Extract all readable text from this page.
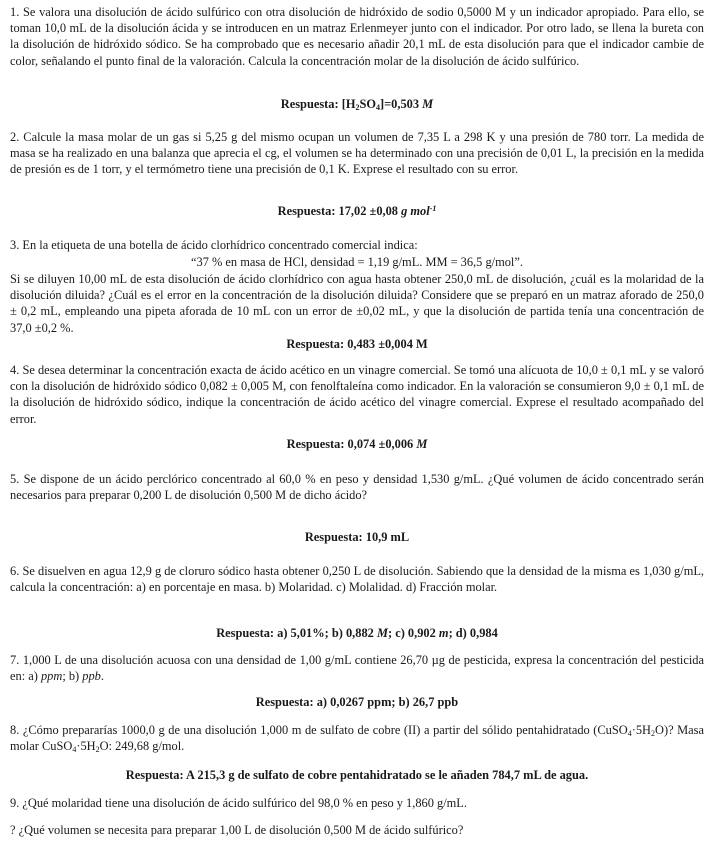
1. Se valora una disolución de ácido sulfúrico con otra disolución de hidróxido de sodio 0,5000 M y un indicador apropiado. Para ello, se toman 10,0 mL de la disolución ácida y se introducen en un matraz Erlenmeyer junto con el indicador. Por otro lado, se llena la bureta con la disolución de hidróxido sódico. Se ha comprobado que es necesario añadir 20,1 mL de esta disolución para que el indicador cambie de color, señalando el punto final de la valoración. Calcula la concentración molar de la disolución de ácido sulfúrico.

Respuesta: $[H_2SO_4]=0,503$ M

2. Calcule la masa molar de un gas si 5,25 g del mismo ocupan un volumen de 7,35 L a 298 K y una presión de 780 torr. La medida de masa se ha realizado en una balanza que aprecia el cg, el volumen se ha determinado con una precisión de 0,01 L, la precisión en la medida de presión es de 1 torr, y el termómetro tiene una precisión de 0,1 K. Exprese el resultado con su error.

Respuesta: 17,02 ±0,08 g mol$^{-1}$

3. En la etiqueta de una botella de ácido clorhídrico concentrado comercial indica:

“37 % en masa de HCl, densidad = 1,19 g/mL. MM = 36,5 g/mol”.

Si se diluyen 10,00 mL de esta disolución de ácido clorhídrico con agua hasta obtener 250,0 mL de disolución, ¿cuál es la molaridad de la disolución diluida? ¿Cuál es el error en la concentración de la disolución diluida? Considere que se preparó en un matraz aforado de 250,0 ± 0,2 mL, empleando una pipeta aforada de 10 mL con un error de ±0,02 mL, y que la disolución de partida tenía una concentración de 37,0 ±0,2 %.

Respuesta: 0,483 ±0,004 M

4. Se desea determinar la concentración exacta de ácido acético en un vinagre comercial. Se tomó una alícuota de 10,0 ± 0,1 mL y se valoró con la disolución de hidróxido sódico 0,082 ± 0,005 M, con fenolftaleína como indicador. En la valoración se consumieron 9,0 ± 0,1 mL de la disolución de hidróxido sódico, indique la concentración de ácido acético del vinagre comercial. Exprese el resultado acompañado del error.

Respuesta: 0,074 ±0,006 M

5. Se dispone de un ácido perclórico concentrado al 60,0 % en peso y densidad 1,530 g/mL. ¿Qué volumen de ácido concentrado serán necesarios para preparar 0,200 L de disolución 0,500 M de dicho ácido?

Respuesta: 10,9 mL

6. Se disuelven en agua 12,9 g de cloruro sódico hasta obtener 0,250 L de disolución. Sabiendo que la densidad de la misma es 1,030 g/mL, calcula la concentración: a) en porcentaje en masa. b) Molaridad. c) Molalidad. d) Fracción molar.

Respuesta: a) 5,01%; b) 0,882 M; c) 0,902 m; d) 0,984

7. 1,000 L de una disolución acuosa con una densidad de 1,00 g/mL contiene 26,70 µg de pesticida, expresa la concentración del pesticida en: a) ppm; b) ppb.

Respuesta: a) 0,0267 ppm; b) 26,7 ppb

8. ¿Cómo prepararías 1000,0 g de una disolución 1,000 m de sulfato de cobre (II) a partir del sólido pentahidratado $(CuSO_4\cdot 5H_2O)$? Masa molar $CuSO_4\cdot 5H_2O$: 249,68 g/mol.

Respuesta: A 215,3 g de sulfato de cobre pentahidratado se le añaden 784,7 mL de agua.

9. ¿Qué molaridad tiene una disolución de ácido sulfúrico del 98,0 % en peso y 1,860 g/mL.

? ¿Qué volumen se necesita para preparar 1,00 L de disolución 0,500 M de ácido sulfúrico?
